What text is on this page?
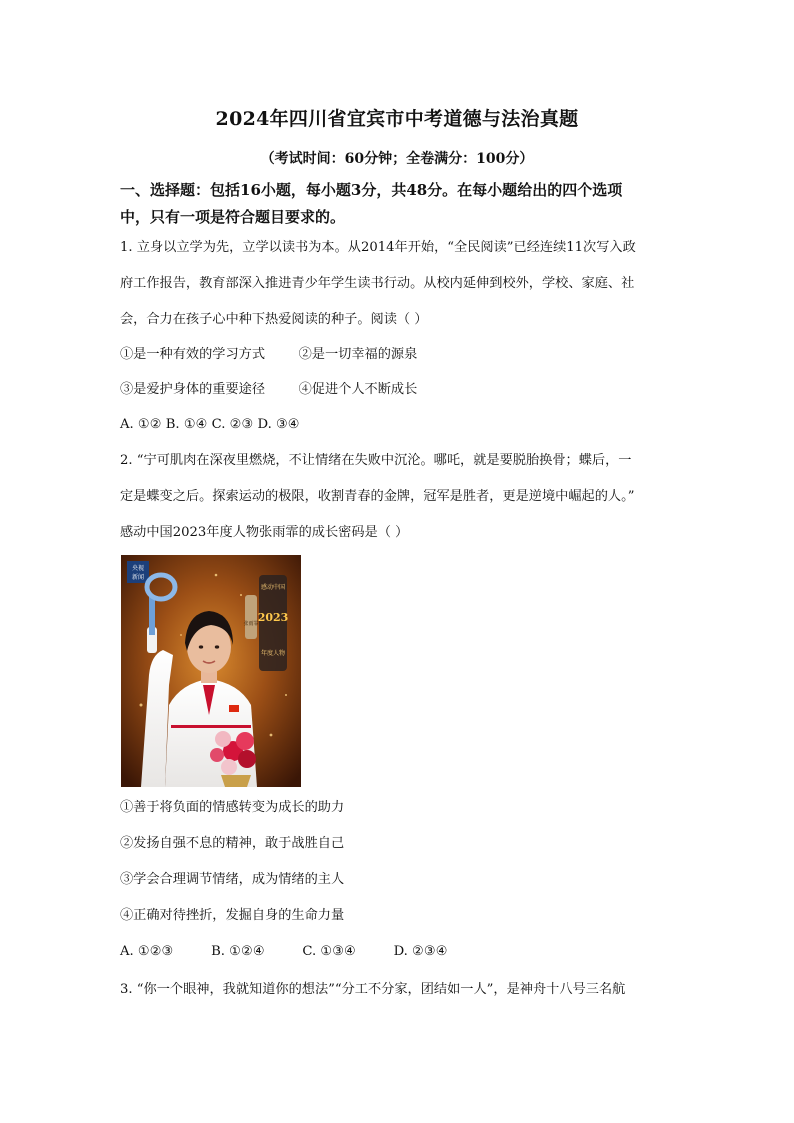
2024年四川省宜宾市中考道德与法治真题
（考试时间：60分钟；全卷满分：100分）
一、选择题：包括16小题，每小题3分，共48分。在每小题给出的四个选项
中，只有一项是符合题目要求的。
1. 立身以立学为先，立学以读书为本。从2014年开始，“全民阅读”已经连续11次写入政
府工作报告，教育部深入推进青少年学生读书行动。从校内延伸到校外，学校、家庭、社
会，合力在孩子心中种下热爱阅读的种子。阅读（ ）
①是一种有效的学习方式        ②是一切幸福的源泉
③是爱护身体的重要途径        ④促进个人不断成长
A. ①② B. ①④ C. ②③ D. ③④
2. “宁可肌肉在深夜里燃烧，不让情绪在失败中沉沦。哪吒，就是要脱胎换骨；蝶后，一
定是蝶变之后。探索运动的极限，收割青春的金牌，冠军是胜者，更是逆境中崛起的人。”
感动中国2023年度人物张雨霏的成长密码是（ ）
央视
新闻
感动中国
2023
年度人物
张雨霏
①善于将负面的情感转变为成长的助力
②发扬自强不息的精神，敢于战胜自己
③学会合理调节情绪，成为情绪的主人
④正确对待挫折，发掘自身的生命力量
A. ①②③         B. ①②④         C. ①③④         D. ②③④
3. “你一个眼神，我就知道你的想法”“分工不分家，团结如一人”，是神舟十八号三名航
